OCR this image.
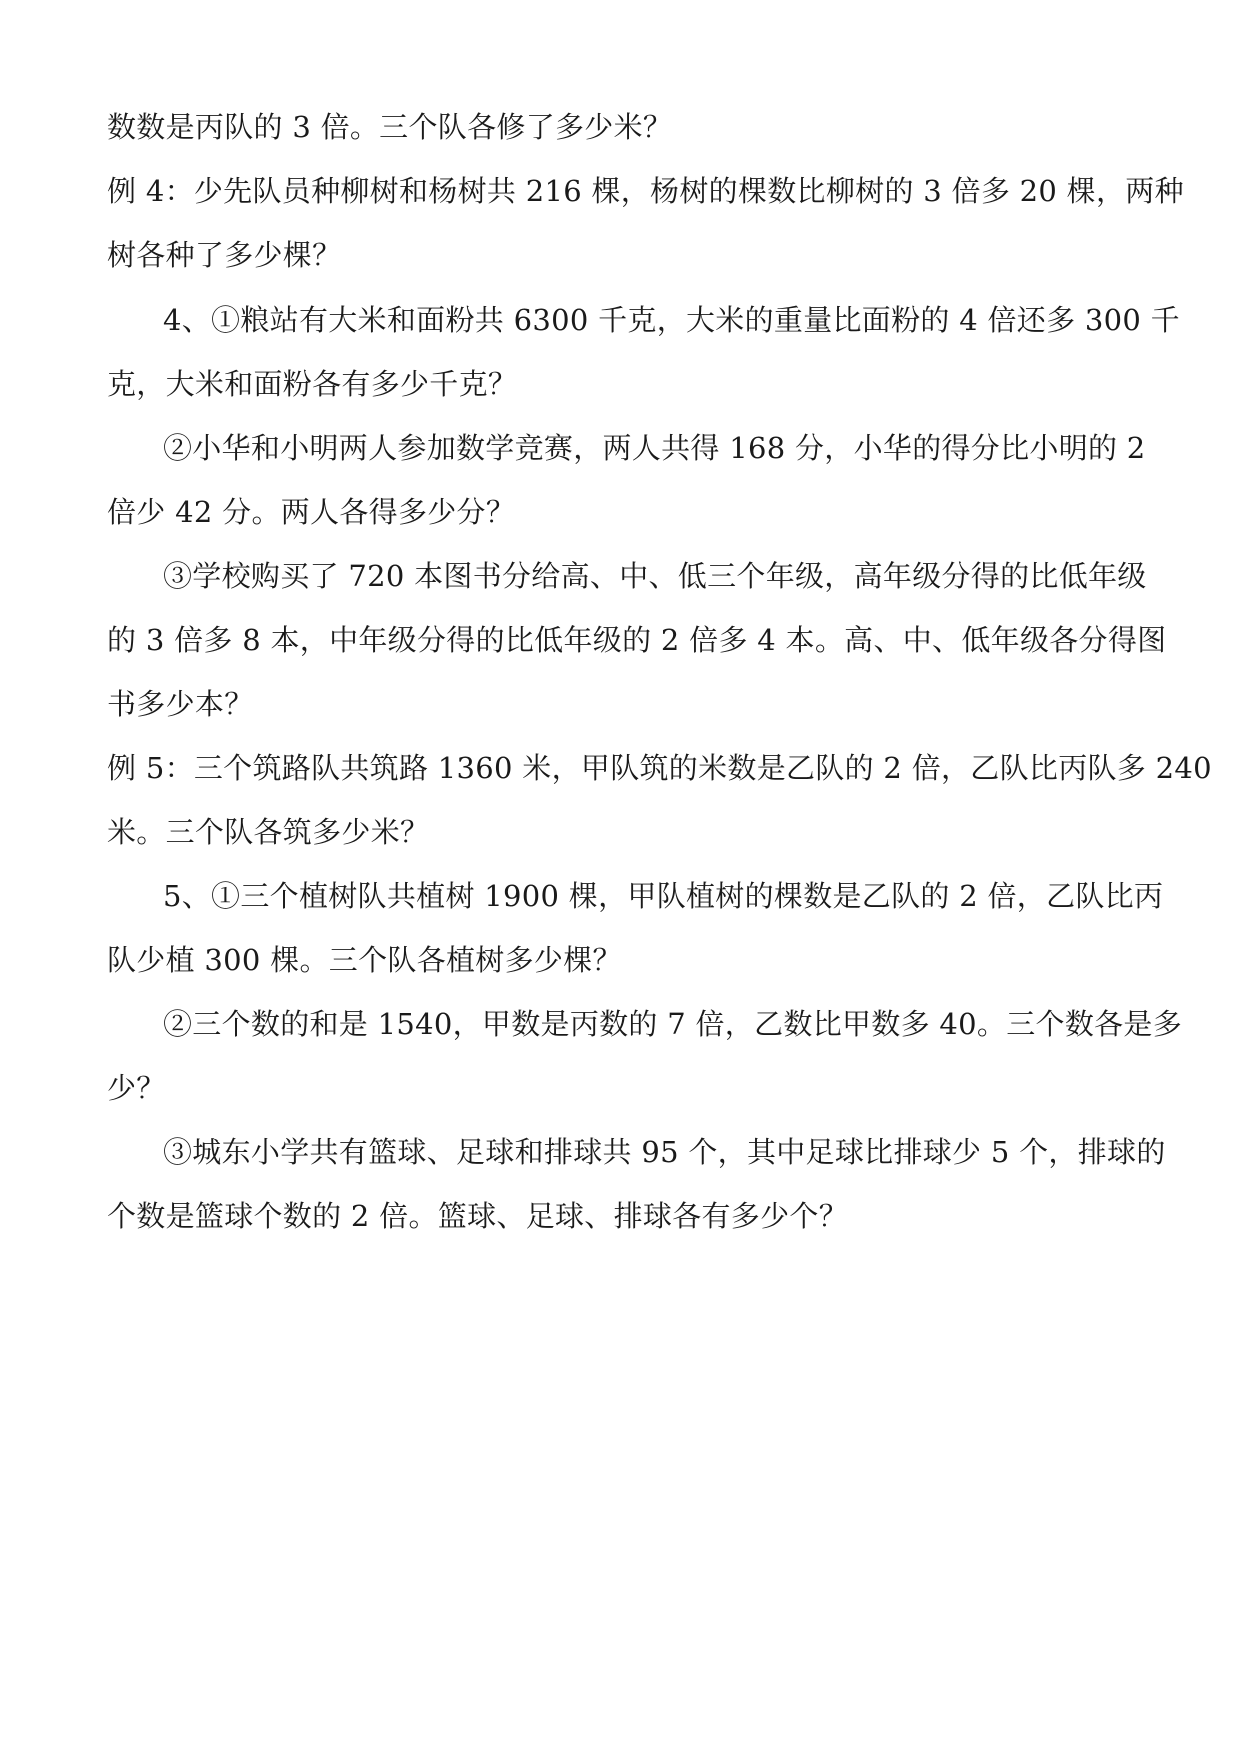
数数是丙队的 3 倍。三个队各修了多少米？
例 4：少先队员种柳树和杨树共 216 棵，杨树的棵数比柳树的 3 倍多 20 棵，两种
树各种了多少棵？
4、①粮站有大米和面粉共 6300 千克，大米的重量比面粉的 4 倍还多 300 千
克，大米和面粉各有多少千克？
②小华和小明两人参加数学竞赛，两人共得 168 分，小华的得分比小明的 2
倍少 42 分。两人各得多少分？
③学校购买了 720 本图书分给高、中、低三个年级，高年级分得的比低年级
的 3 倍多 8 本，中年级分得的比低年级的 2 倍多 4 本。高、中、低年级各分得图
书多少本？
例 5：三个筑路队共筑路 1360 米，甲队筑的米数是乙队的 2 倍，乙队比丙队多 240
米。三个队各筑多少米？
5、①三个植树队共植树 1900 棵，甲队植树的棵数是乙队的 2 倍，乙队比丙
队少植 300 棵。三个队各植树多少棵？
②三个数的和是 1540，甲数是丙数的 7 倍，乙数比甲数多 40。三个数各是多
少？
③城东小学共有篮球、足球和排球共 95 个，其中足球比排球少 5 个，排球的
个数是篮球个数的 2 倍。篮球、足球、排球各有多少个？
